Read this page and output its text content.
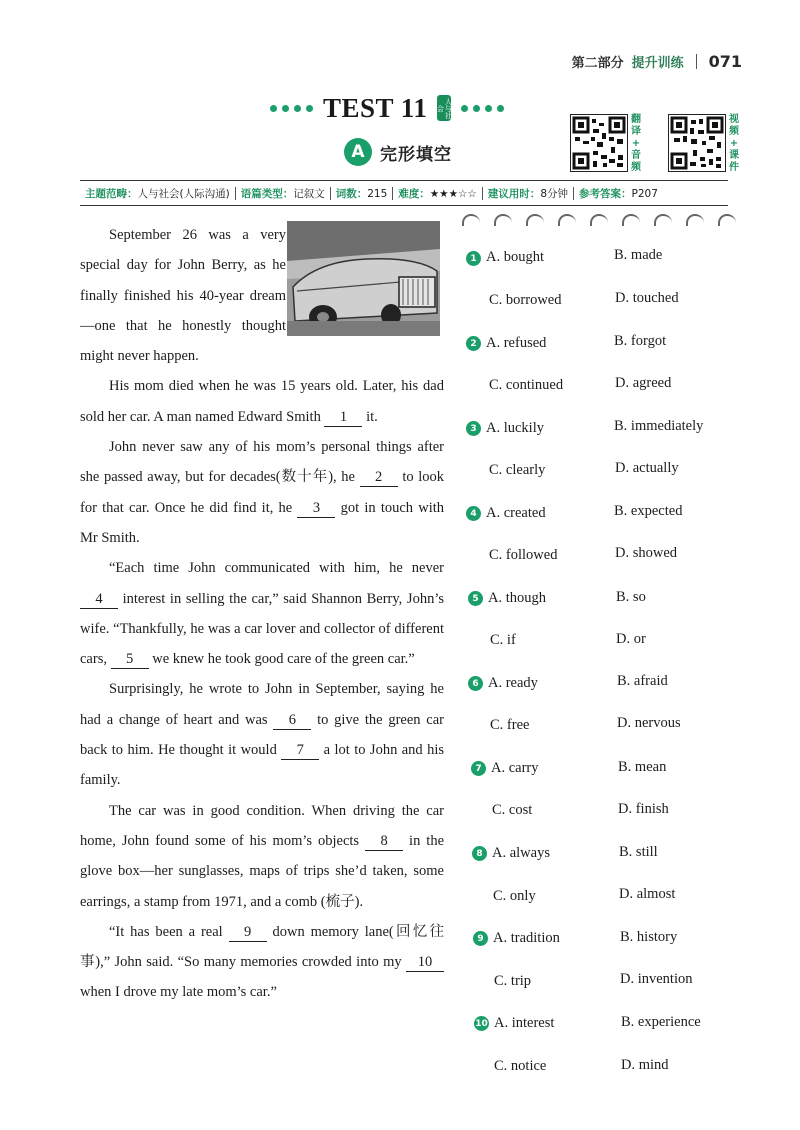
第二部分 提升训练 071
TEST 11	人与社会
A 完形填空
翻
译
+
音
频
视
频
+
课
件
主题范畴：人与社会(人际沟通)	语篇类型：记叙文	词数：215	难度：★★★☆☆	建议用时：8分钟	参考答案：P207

September 26 was a very special day for John Berry, as he finally finished his 40-year dream—one that he honestly thought might never happen.

His mom died when he was 15 years old. Later, his dad sold her car. A man named Edward Smith 1 it.

John never saw any of his mom’s personal things after she passed away, but for decades(数十年), he 2 to look for that car. Once he did find it, he 3 got in touch with Mr Smith.

“Each time John communicated with him, he never 4 interest in selling the car,” said Shannon Berry, John’s wife. “Thankfully, he was a car lover and collector of different cars, 5 we knew he took good care of the green car.”

Surprisingly, he wrote to John in September, saying he had a change of heart and was 6 to give the green car back to him. He thought it would 7 a lot to John and his family.

The car was in good condition. When driving the car home, John found some of his mom’s objects 8 in the glove box—her sunglasses, maps of trips she’d taken, some earrings, a stamp from 1971, and a comb (梳子).

“It has been a real 9 down memory lane(回忆往事),” John said. “So many memories crowded into my 10 when I drove my late mom’s car.”

1 A. bought	B. made
C. borrowed	D. touched
2 A. refused	B. forgot
C. continued	D. agreed
3 A. luckily	B. immediately
C. clearly	D. actually
4 A. created	B. expected
C. followed	D. showed
5 A. though	B. so
C. if	D. or
6 A. ready	B. afraid
C. free	D. nervous
7 A. carry	B. mean
C. cost	D. finish
8 A. always	B. still
C. only	D. almost
9 A. tradition	B. history
C. trip	D. invention
10 A. interest	B. experience
C. notice	D. mind
